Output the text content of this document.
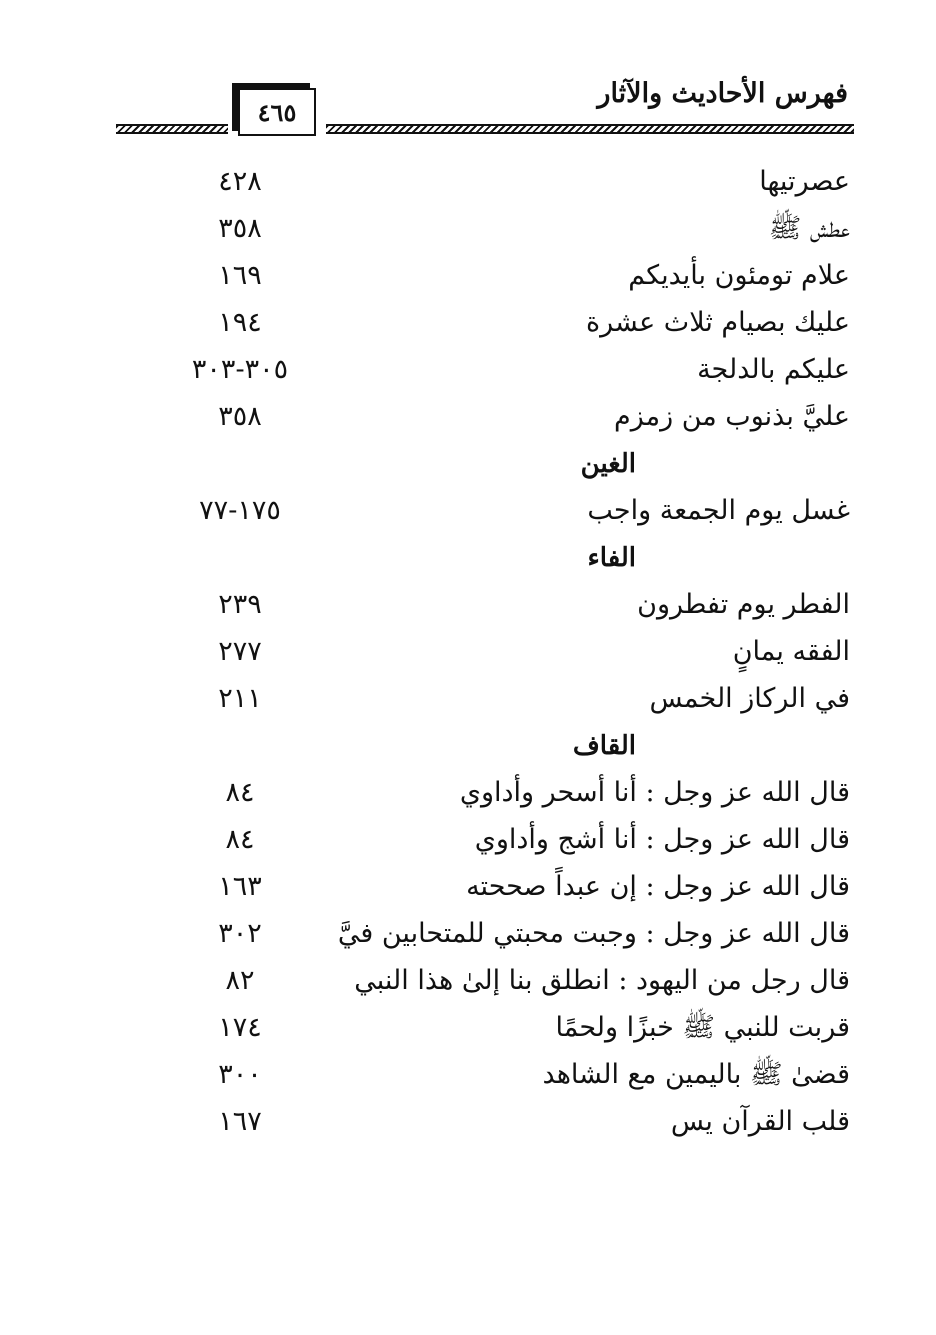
فهرس الأحاديث والآثار
٤٦٥
عصرتيها
٤٢٨
عطش ﷺ
٣٥٨
علام تومئون بأيديكم
١٦٩
عليك بصيام ثلاث عشرة
١٩٤
عليكم بالدلجة
٣٠٥-٣٠٣
عليَّ بذنوب من زمزم
٣٥٨
الغين
غسل يوم الجمعة واجب
١٧٥-٧٧
الفاء
الفطر يوم تفطرون
٢٣٩
الفقه يمانٍ
٢٧٧
في الركاز الخمس
٢١١
القاف
قال الله عز وجل : أنا أسحر وأداوي
٨٤
قال الله عز وجل : أنا أشج وأداوي
٨٤
قال الله عز وجل : إن عبداً صححته
١٦٣
قال الله عز وجل : وجبت محبتي للمتحابين فيَّ
٣٠٢
قال رجل من اليهود : انطلق بنا إلىٰ هذا النبي
٨٢
قربت للنبي ﷺ خبزًا ولحمًا
١٧٤
قضىٰ ﷺ باليمين مع الشاهد
٣٠٠
قلب القرآن يس
١٦٧
